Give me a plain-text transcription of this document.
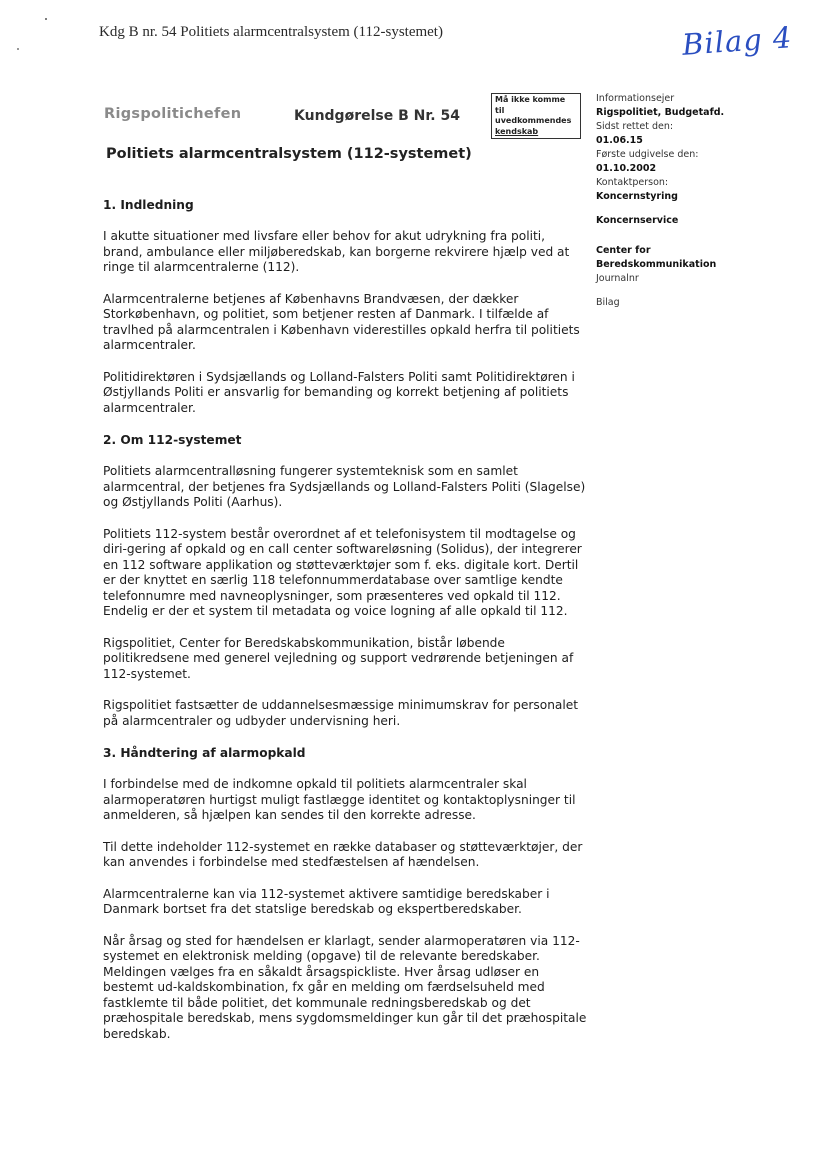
Kdg B nr. 54 Politiets alarmcentralsystem (112-systemet)	Bilag 4
Rigspolitichefen	Kundgørelse B Nr. 54
Må ikke komme
til
uvedkommendes
kendskab
Politiets alarmcentralsystem (112-systemet)
Informationsejer
Rigspolitiet, Budgetafd.
Sidst rettet den:
01.06.15
Første udgivelse den:
01.10.2002
Kontaktperson:
Koncernstyring
Koncernservice
Center for
Beredskommunikation
Journalnr
Bilag
1. Indledning

I akutte situationer med livsfare eller behov for akut udrykning fra politi, brand, ambulance eller miljøberedskab, kan borgerne rekvirere hjælp ved at ringe til alarmcentralerne (112).

Alarmcentralerne betjenes af Københavns Brandvæsen, der dækker Storkøbenhavn, og politiet, som betjener resten af Danmark. I tilfælde af travlhed på alarmcentralen i København viderestilles opkald herfra til politiets alarmcentraler.

Politidirektøren i Sydsjællands og Lolland-Falsters Politi samt Politidirektøren i Østjyllands Politi er ansvarlig for bemanding og korrekt betjening af politiets alarmcentraler.

2. Om 112-systemet

Politiets alarmcentralløsning fungerer systemteknisk som en samlet alarmcentral, der betjenes fra Sydsjællands og Lolland-Falsters Politi (Slagelse) og Østjyllands Politi (Aarhus).

Politiets 112-system består overordnet af et telefonisystem til modtagelse og diri-gering af opkald og en call center softwareløsning (Solidus), der integrerer en 112 software applikation og støtteværktøjer som f. eks. digitale kort. Dertil er der knyttet en særlig 118 telefonnummerdatabase over samtlige kendte telefonnumre med navneoplysninger, som præsenteres ved opkald til 112. Endelig er der et system til metadata og voice logning af alle opkald til 112.

Rigspolitiet, Center for Beredskabskommunikation, bistår løbende politikredsene med generel vejledning og support vedrørende betjeningen af 112-systemet.

Rigspolitiet fastsætter de uddannelsesmæssige minimumskrav for personalet på alarmcentraler og udbyder undervisning heri.

3. Håndtering af alarmopkald

I forbindelse med de indkomne opkald til politiets alarmcentraler skal alarmoperatøren hurtigst muligt fastlægge identitet og kontaktoplysninger til anmelderen, så hjælpen kan sendes til den korrekte adresse.

Til dette indeholder 112-systemet en række databaser og støtteværktøjer, der kan anvendes i forbindelse med stedfæstelsen af hændelsen.

Alarmcentralerne kan via 112-systemet aktivere samtidige beredskaber i Danmark bortset fra det statslige beredskab og ekspertberedskaber.

Når årsag og sted for hændelsen er klarlagt, sender alarmoperatøren via 112-systemet en elektronisk melding (opgave) til de relevante beredskaber. Meldingen vælges fra en såkaldt årsagspickliste. Hver årsag udløser en bestemt ud-kaldskombination, fx går en melding om færdselsuheld med fastklemte til både politiet, det kommunale redningsberedskab og det præhospitale beredskab, mens sygdomsmeldinger kun går til det præhospitale beredskab.
